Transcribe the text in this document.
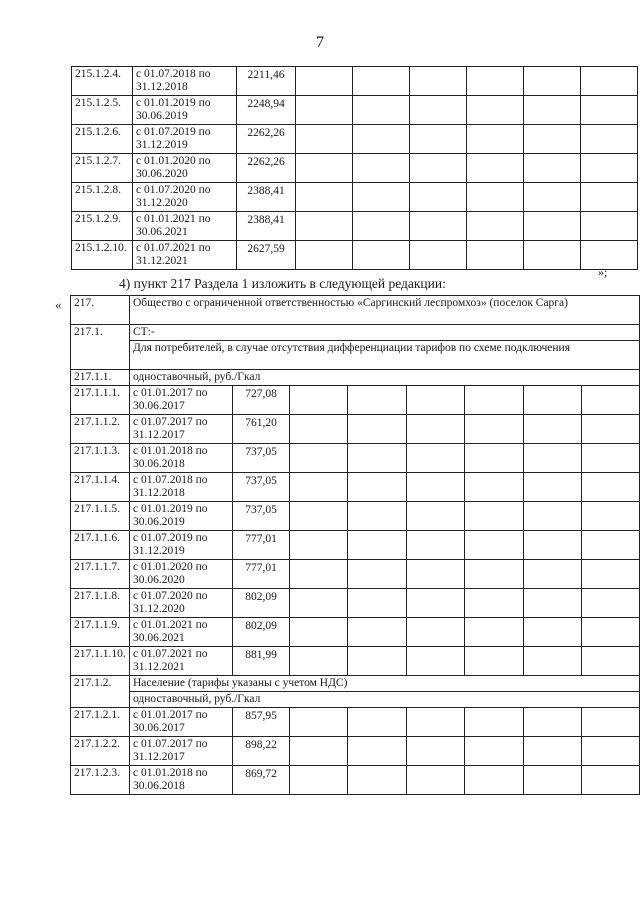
7
215.1.2.4.	с 01.07.2018 по 31.12.2018	2211,46						
215.1.2.5.	с 01.01.2019 по 30.06.2019	2248,94						
215.1.2.6.	с 01.07.2019 по 31.12.2019	2262,26						
215.1.2.7.	с 01.01.2020 по 30.06.2020	2262,26						
215.1.2.8.	с 01.07.2020 по 31.12.2020	2388,41						
215.1.2.9.	с 01.01.2021 по 30.06.2021	2388,41						
215.1.2.10.	с 01.07.2021 по 31.12.2021	2627,59						
»;
4) пункт 217 Раздела 1 изложить в следующей редакции:
« 217.	Общество с ограниченной ответственностью «Саргинский леспромхоз» (поселок Сарга)							
217.1.	СТ:-							
	Для потребителей, в случае отсутствия дифференциации тарифов по схеме подключения							
217.1.1.	одноставочный, руб./Гкал							
217.1.1.1.	с 01.01.2017 по 30.06.2017	727,08						
217.1.1.2.	с 01.07.2017 по 31.12.2017	761,20						
217.1.1.3.	с 01.01.2018 по 30.06.2018	737,05						
217.1.1.4.	с 01.07.2018 по 31.12.2018	737,05						
217.1.1.5.	с 01.01.2019 по 30.06.2019	737,05						
217.1.1.6.	с 01.07.2019 по 31.12.2019	777,01						
217.1.1.7.	с 01.01.2020 по 30.06.2020	777,01						
217.1.1.8.	с 01.07.2020 по 31.12.2020	802,09						
217.1.1.9.	с 01.01.2021 по 30.06.2021	802,09						
217.1.1.10.	с 01.07.2021 по 31.12.2021	881,99						
217.1.2.	Население (тарифы указаны с учетом НДС)							
	одноставочный, руб./Гкал							
217.1.2.1.	с 01.01.2017 по 30.06.2017	857,95						
217.1.2.2.	с 01.07.2017 по 31.12.2017	898,22						
217.1.2.3.	с 01.01.2018 по 30.06.2018	869,72						
